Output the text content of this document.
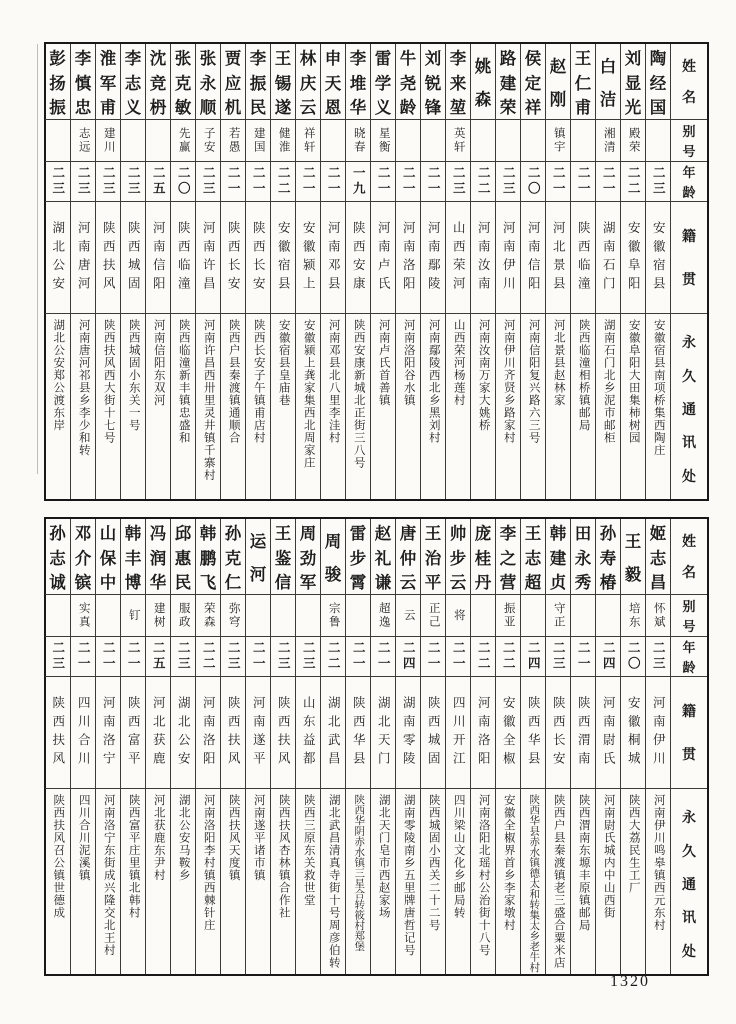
姓
名
别
号
年
龄
籍
贯
永
久
通
讯
处
陶
经
国
二三
安徽宿县
安徽宿县南项桥集西陶庄
刘
显
光
殿荣
二二
安徽阜阳
安徽阜阳大田集柿树园
白
洁
湘清
二一
湖南石门
湖南石门北乡泥市邮柜
王
仁
甫
二一
陕西临潼
陕西临潼相桥镇邮局
赵
刚
镇宇
二一
河北景县
河北景县赵林家
侯
定
祥
二〇
河南信阳
河南信阳复兴路六三号
路
建
荣
二三
河南伊川
河南伊川齐贤乡路家村
姚
森
二二
河南汝南
河南汝南万家大姚桥
李
来
堃
英轩
二三
山西荣河
山西荣河杨莲村
刘
锐
锋
二一
河南鄢陵
河南鄢陵西北乡黑刘村
牛
尧
龄
二一
河南洛阳
河南洛阳谷水镇
雷
学
义
星衡
二一
河南卢氏
河南卢氏首善镇
李
堆
华
晓春
一九
陕西安康
陕西安康新城北正街三八号
申
天
恩
二一
河南邓县
河南邓县北八里李洼村
林
庆
云
祥轩
二一
安徽颍上
安徽颍上龚家集西北周家庄
王
锡
遂
健淮
二二
安徽宿县
安徽宿县皇庙巷
李
振
民
建国
二一
陕西长安
陕西长安子午镇甫店村
贾
应
机
若愚
二一
陕西长安
陕西户县秦渡镇通顺合
张
永
顺
子安
二三
河南许昌
河南许昌西卅里灵井镇千寨村
张
克
敏
先赢
二〇
陕西临潼
陕西临潼新丰镇忠盛和
沈
竞
枬
二五
河南信阳
河南信阳东双河
李
志
义
二三
陕西城固
陕西城固小东关一号
淮
军
甫
建川
二三
陕西扶风
陕西扶风西大街十七号
李
慎
忠
志远
二三
河南唐河
河南唐河祁县乡李少和转
彭
扬
振
二三
湖北公安
湖北公安郑公渡东岸
姓
名
别
号
年
龄
籍
贯
永
久
通
讯
处
姬
志
昌
怀斌
二三
河南伊川
河南伊川鸣皋镇西元东村
王
毅
培东
二〇
安徽桐城
陕西大荔民生工厂
孙
寿
椿
二四
河南尉氏
河南尉氏城内中山西街
田
永
秀
二一
陕西渭南
陕西渭南东塬丰原镇邮局
韩
建
贞
守正
二三
陕西长安
陕西户县秦渡镇老三盛合粟米店
王
志
超
二四
陕西华县
陕西华县赤水镇德太和转集太乡老牛村
李
之
营
振亚
二二
安徽全椒
安徽全椒界首乡李家墩村
庞
桂
丹
二二
河南洛阳
河南洛阳北瑶村公治街十八号
帅
步
云
将
二一
四川开江
四川梁山文化乡邮局转
王
治
平
正己
二一
陕西城固
陕西城固小西关二十二号
唐
仲
云
云
二四
湖南零陵
湖南零陵南乡五里牌唐哲记号
赵
礼
谦
超逸
二一
湖北天门
湖北天门皂市西赵家场
雷
步
霄
二一
陕西华县
陕西华阴赤水镇三星合转筱村郑堡
周
骏
宗鲁
二二
湖北武昌
湖北武昌清真寺街十号周彦伯转
周
劲
军
二三
山东益都
陕西三原东关救世堂
王
鉴
信
二三
陕西扶风
陕西扶风杏林镇合作社
运
河
二一
河南遂平
河南遂平诸市镇
孙
克
仁
弥穹
二三
陕西扶风
陕西扶风天度镇
韩
鹏
飞
荣森
二二
河南洛阳
河南洛阳李村镇西棘针庄
邱
惠
民
服政
二三
湖北公安
湖北公安马鞍乡
冯
润
华
建树
二五
河北获鹿
河北获鹿东尹村
韩
丰
博
钉
二一
陕西富平
陕西富平庄里镇北韩村
山
保
中
二一
河南洛宁
河南洛宁东街成兴隆交北王村
邓
介
镔
实真
二一
四川合川
四川合川泥溪镇
孙
志
诚
二三
陕西扶风
陕西扶风召公镇世德成
1320
